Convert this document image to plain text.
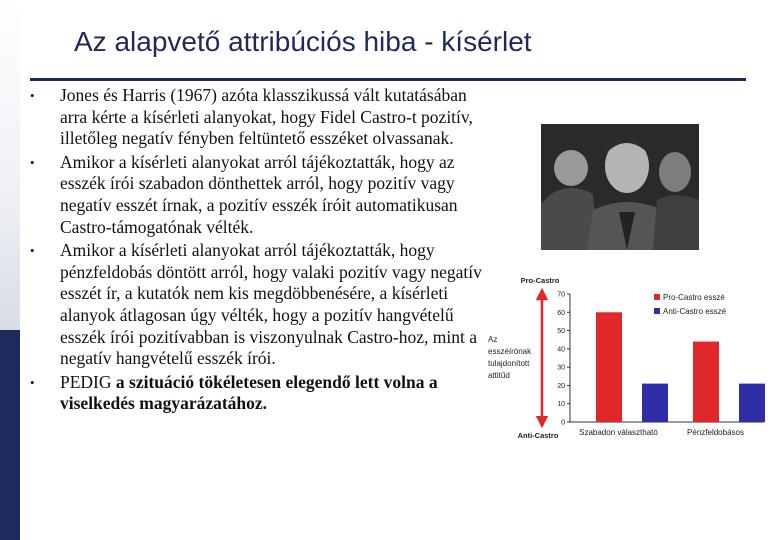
Az alapvető attribúciós hiba - kísérlet
• Jones és Harris (1967) azóta klasszikussá vált kutatásában arra kérte a kísérleti alanyokat, hogy Fidel Castro-t pozitív, illetőleg negatív fényben feltüntető esszéket olvassanak.
• Amikor a kísérleti alanyokat arról tájékoztatták, hogy az esszék írói szabadon dönthettek arról, hogy pozitív vagy negatív esszét írnak, a pozitív esszék íróit automatikusan Castro-támogatónak vélték.
• Amikor a kísérleti alanyokat arról tájékoztatták, hogy pénzfeldobás döntött arról, hogy valaki pozitív vagy negatív esszét ír, a kutatók nem kis megdöbbenésére, a kísérleti alanyok átlagosan úgy vélték, hogy a pozitív hangvételű esszék írói pozitívabban is viszonyulnak Castro-hoz, mint a negatív hangvételű esszék írói.
• PEDIG a szituáció tökéletesen elegendő lett volna a viselkedés magyarázatához.
Pro-Castro
Anti-Castro
Az
esszéírónak
tulajdonított
attitűd
0
10
20
30
40
50
60
70
Szabadon választható	Pénzfeldobásos
Pro-Castro esszé
Anti-Castro esszé
